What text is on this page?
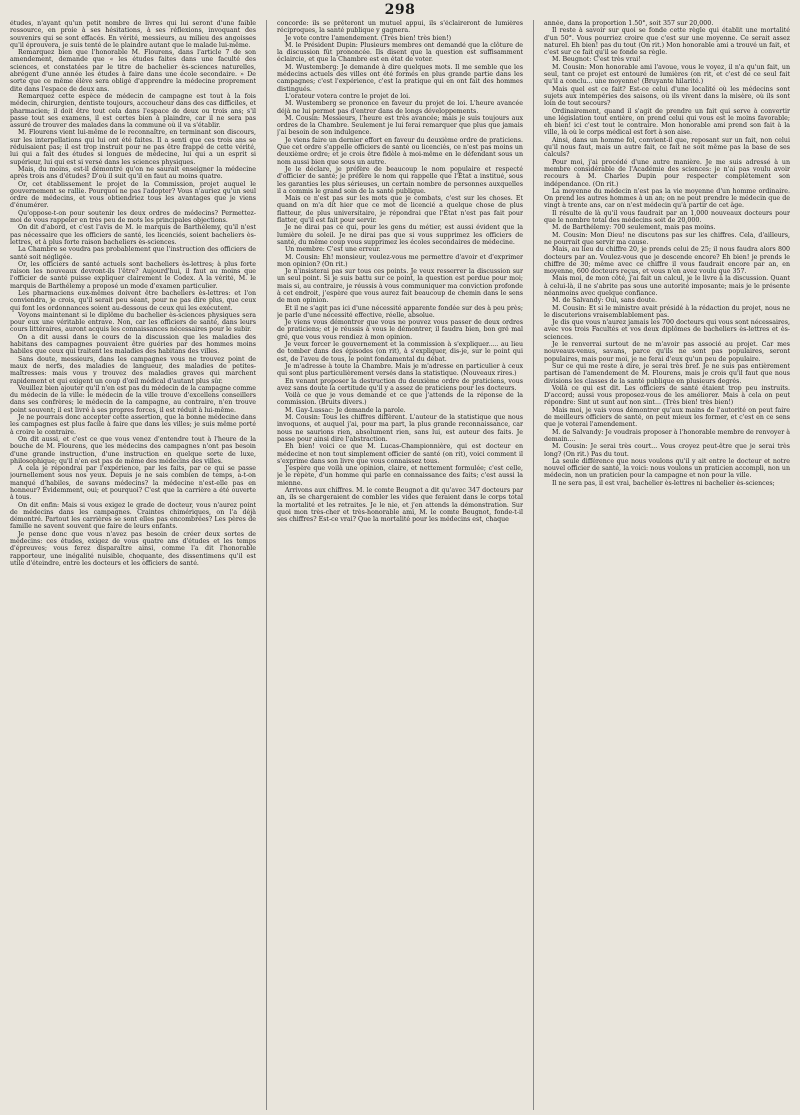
298

études, n'ayant qu'un petit nombre de livres qui lui seront d'une faible ressource, en proie à ses hésitations, à ses réflexions, invoquant des souvenirs qui se sont effacés. En vérité, messieurs, au milieu des angoisses qu'il éprouvera, je suis tenté de le plaindre autant que le malade lui-même.

Remarquez bien que l'honorable M. Flourens, dans l'article 7 de son amendement, demande que « les études faites dans une faculté des sciences, et constatées par le titre de bachelier ès-sciences naturelles, abrégent d'une année les études à faire dans une école secondaire. » De sorte que ce même élève sera obligé d'apprendre la médecine proprement dite dans l'espace de deux ans.

Remarquez cette espèce de médecin de campagne est tout à la fois médecin, chirurgien, dentiste toujours, accoucheur dans des cas difficiles, et pharmacien; il doit être tout cela dans l'espace de deux ou trois ans; s'il passe tout ses examens, il est certes bien à plaindre, car il ne sera pas assuré de trouver des malades dans la commune où il va s'établir.

M. Flourens vient lui-même de le reconnaître, en terminant son discours, sur les interpellations qui lui ont été faites. Il a senti que ces trois ans se réduisaient pas; il est trop instruit pour ne pas être frappé de cette vérité, lui qui a fait des études si longues de médecine, lui qui a un esprit si supérieur, lui qui est si versé dans les sciences physiques.

Mais, du moins, est-il démontré qu'on ne saurait enseigner la médecine après trois ans d'études? D'où il suit qu'il en faut au moins quatre.

Or, cet établissement le projet de la Commission, projet auquel le gouvernement se rallie. Pourquoi ne pas l'adopter? Vous n'auriez qu'un seul ordre de médecins, et vous obtiendriez tous les avantages que je viens d'énumérer.

Qu'oppose-t-on pour soutenir les deux ordres de médecins? Permettez-moi de vous rappeler en très peu de mots les principales objections.

On dit d'abord, et c'est l'avis de M. le marquis de Barthélemy, qu'il n'est pas nécessaire que les officiers de santé, les licenciés, soient bacheliers ès-lettres, et à plus forte raison bacheliers ès-sciences.

La Chambre se voudra pas probablement que l'instruction des officiers de santé soit négligée.

Or, les officiers de santé actuels sont bacheliers ès-lettres; à plus forte raison les nouveaux devront-ils l'être? Aujourd'hui, il faut au moins que l'officier de santé puisse expliquer clairement le Codex. A la vérité, M. le marquis de Barthélemy a proposé un mode d'examen particulier.

Les pharmaciens eux-mêmes doivent être bacheliers ès-lettres: et l'on conviendra, je crois, qu'il serait peu séant, pour ne pas dire plus, que ceux qui font les ordonnances soient au-dessous de ceux qui les exécutent.

Voyons maintenant si le diplôme du bachelier ès-sciences physiques sera pour eux une véritable entrave. Non, car les officiers de santé, dans leurs cours littéraires, auront acquis les connaissances nécessaires pour le subir.

On a dit aussi dans le cours de la discussion que les maladies des habitans des campagnes pouvaient être guéries par des hommes moins habiles que ceux qui traitent les maladies des habitans des villes.

Sans doute, messieurs, dans les campagnes vous ne trouvez point de maux de nerfs, des maladies de langueur, des maladies de petites-maîtresses: mais vous y trouvez des maladies graves qui marchent rapidement et qui exigent un coup d'œil médical d'autant plus sûr.

Veuillez bien ajouter qu'il n'en est pas du médecin de la campagne comme du médecin de la ville: le médecin de la ville trouve d'excellens conseillers dans ses confrères; le médecin de la campagne, au contraire, n'en trouve point souvent; il est livré à ses propres forces, il est réduit à lui-même.

Je ne pourrais donc accepter cette assertion, que la bonne médecine dans les campagnes est plus facile à faire que dans les villes; je suis même porté à croire le contraire.

On dit aussi, et c'est ce que vous venez d'entendre tout à l'heure de la bouche de M. Flourens, que les médecins des campagnes n'ont pas besoin d'une grande instruction, d'une instruction en quelque sorte de luxe, philosophique; qu'il n'en est pas de même des médecins des villes.

A cela je répondrai par l'expérience, par les faits, par ce qui se passe journellement sous nos yeux. Depuis je ne sais combien de temps, a-t-on manqué d'habiles, de savans médecins? la médecine n'est-elle pas en honneur? Évidemment, oui; et pourquoi? C'est que la carrière a été ouverte à tous.

On dit enfin: Mais si vous exigez le grade de docteur, vous n'aurez point de médecins dans les campagnes. Craintes chimériques, on l'a déjà démontré. Partout les carrières se sont elles pas encombrées? Les pères de famille ne savent souvent que faire de leurs enfants.

Je pense donc que vous n'avez pas besoin de créer deux sortes de médecins: ces études, exigez de vous quatre ans d'études et les temps d'épreuves; vous ferez disparaître ainsi, comme l'a dit l'honorable rapporteur, une inégalité nuisible, choquante, des dissentimens qu'il est utile d'éteindre, entre les docteurs et les officiers de santé.

concorde: ils se prêteront un mutuel appui, ils s'éclaireront de lumières réciproques, la santé publique y gagnera.

Je vote contre l'amendement. (Très bien! très bien!)

M. le Président Dupin: Plusieurs membres ont demandé que la clôture de la discussion fût prononcée. Ils disent que la question est suffisamment éclaircie, et que la Chambre est en état de voter.

M. Wustemberg: Je demande à dire quelques mots. Il me semble que les médecins actuels des villes ont été formés en plus grande partie dans les campagnes; c'est l'expérience, c'est la pratique qui en ont fait des hommes distingués.

L'orateur votera contre le projet de loi.

M. Wustemberg se prononce en faveur du projet de loi. L'heure avancée déjà ne lui permet pas d'entrer dans de longs développements.

M. Cousin: Messieurs, l'heure est très avancée; mais je suis toujours aux ordres de la Chambre. Seulement je lui ferai remarquer que plus que jamais j'ai besoin de son indulgence.

Je viens faire un dernier effort en faveur du deuxième ordre de praticiens. Que cet ordre s'appelle officiers de santé ou licenciés, ce n'est pas moins un deuxième ordre; et je crois être fidèle à moi-même en le défendant sous un nom aussi bien que sous un autre.

Je le déclare, je préfère de beaucoup le nom populaire et respecté d'officier de santé; je préfère le nom qui rappelle que l'État a institué, sous les garanties les plus sérieuses, un certain nombre de personnes auxquelles il a commis le grand soin de la santé publique.

Mais ce n'est pas sur les mots que je combats, c'est sur les choses. Et quand on m'a dit hier que ce mot de licencié a quelque chose de plus flatteur, de plus universitaire, je répondrai que l'État n'est pas fait pour flatter, qu'il est fait pour servir.

Je ne dirai pas ce qui, pour les gens du métier, est aussi évident que la lumière du soleil. Je ne dirai pas que si vous supprimez les officiers de santé, du même coup vous supprimez les écoles secondaires de médecine.

Un membre: C'est une erreur.

M. Cousin: Eh! monsieur, voulez-vous me permettre d'avoir et d'exprimer mon opinion? (On rit.)

Je n'insisterai pas sur tous ces points. Je veux resserrer la discussion sur un seul point. Si je suis battu sur ce point, la question est perdue pour moi; mais si, au contraire, je réussis à vous communiquer ma conviction profonde à cet endroit, j'espère que vous aurez fait beaucoup de chemin dans le sens de mon opinion.

Et il ne s'agit pas ici d'une nécessité apparente fondée sur des à peu près; je parle d'une nécessité effective, réelle, absolue.

Je viens vous démontrer que vous ne pouvez vous passer de deux ordres de praticiens; et je réussis à vous le démontrer, il faudra bien, bon gré mal gré, que vous vous rendiez à mon opinion.

Je veux forcer le gouvernement et la commission à s'expliquer..... au lieu de tomber dans des épisodes (on rit), à s'expliquer, dis-je, sur le point qui est, de l'aveu de tous, le point fondamental du débat.

Je m'adresse à toute la Chambre. Mais je m'adresse en particulier à ceux qui sont plus particulièrement versés dans la statistique. (Nouveaux rires.)

En venant proposer la destruction du deuxième ordre de praticiens, vous avez sans doute la certitude qu'il y a assez de praticiens pour les docteurs.

Voilà ce que je vous demande et ce que j'attends de la réponse de la commission. (Bruits divers.)

M. Gay-Lussac: Je demande la parole.

M. Cousin: Tous les chiffres diffèrent. L'auteur de la statistique que nous invoquons, et auquel j'ai, pour ma part, la plus grande reconnaissance, car nous ne saurions rien, absolument rien, sans lui, est auteur des faits. Je passe pour ainsi dire l'abstraction.

Eh bien! voici ce que M. Lucas-Championnière, qui est docteur en médecine et non tout simplement officier de santé (on rit), voici comment il s'exprime dans son livre que vous connaissez tous.

J'espère que voilà une opinion, claire, et nettement formulée; c'est celle, je le répète, d'un homme qui parle en connaissance des faits; c'est aussi la mienne.

Arrivons aux chiffres. M. le comte Beugnot a dit qu'avec 347 docteurs par an, ils se chargeraient de combler les vides que feraient dans le corps total la mortalité et les retraites. Je le nie, et j'en attends la démonstration. Sur quoi mon très-cher et très-honorable ami, M. le comte Beugnot, fonde-t-il ses chiffres? Est-ce vrai? Que la mortalité pour les médecins est, chaque

année, dans la proportion 1.50°, soit 357 sur 20,000.

Il reste à savoir sur quoi se fonde cette règle qui établit une mortalité d'un 50°. Vous pourriez croire que c'est sur une moyenne. Ce serait assez naturel. Eh bien! pas du tout (On rit.) Mon honorable ami a trouvé un fait, et c'est sur ce fait qu'il se fonde sa règle.

M. Beugnot: C'est très vrai!

M. Cousin: Mon honorable ami l'avoue, vous le voyez, il n'a qu'un fait, un seul, tant ce projet est entouré de lumières (on rit, et c'est de ce seul fait qu'il a conclu... une moyenne! (Bruyante hilarité.)

Mais quel est ce fait? Est-ce celui d'une localité où les médecins sont sujets aux intempéries des saisons, où ils vivent dans la misère, où ils sont loin de tout secours?

Ordinairement, quand il s'agit de prendre un fait qui serve à convertir une législation tout entière, on prend celui qui vous est le moins favorable; eh bien! ici c'est tout le contraire. Mon honorable ami prend son fait à la ville, là où le corps médical est fort à son aise.

Ainsi, dans un homme fol, convient-il que, reposant sur un fait, non celui qu'il nous faut, mais un autre fait, ce fait ne soit même pas la base de ses calculs?

Pour moi, j'ai procédé d'une autre manière. Je me suis adressé à un membre considérable de l'Académie des sciences: je n'ai pas voulu avoir recours à M. Charles Dupin pour respecter complètement son indépendance. (On rit.)

La moyenne du médecin n'est pas la vie moyenne d'un homme ordinaire. On prend les autres hommes à un an; on ne peut prendre le médecin que de vingt à trente ans, car on n'est médecin qu'à partir de cet âge.

Il résulte de là qu'il vous faudrait par an 1,000 nouveaux docteurs pour que le nombre total des médecins soit de 20,000.

M. de Barthélemy: 700 seulement, mais pas moins.

M. Cousin: Mon Dieu! ne discutons pas sur les chiffres. Cela, d'ailleurs, ne pourrait que servir ma cause.

Mais, au lieu du chiffre 20, je prends celui de 25; il nous faudra alors 800 docteurs par an. Voulez-vous que je descende encore? Eh bien! je prends le chiffre de 30; même avec ce chiffre il vous faudrait encore par an, en moyenne, 600 docteurs reçus, et vous n'en avez voulu que 357.

Mais moi, de mon côté, j'ai fait un calcul, je le livre à la discussion. Quant à celui-là, il ne s'abrite pas sous une autorité imposante; mais je le présente néanmoins avec quelque confiance.

M. de Salvandy: Oui, sans doute.

M. Cousin: Et si le ministre avait présidé à la rédaction du projet, nous ne le discuterions vraisemblablement pas.

Je dis que vous n'aurez jamais les 700 docteurs qui vous sont nécessaires, avec vos trois Facultés et vos deux diplômes de bacheliers ès-lettres et ès-sciences.

Je le renverrai surtout de ne m'avoir pas associé au projet. Car mes nouveaux-venus, savans, parce qu'ils ne sont pas populaires, seront populaires, mais pour moi, je ne ferai d'eux qu'un peu de populaire.

Sur ce qui me reste à dire, je serai très bref. Je ne suis pas entièrement partisan de l'amendement de M. Flourens, mais je crois qu'il faut que nous divisions les classes de la santé publique en plusieurs degrés.

Voilà ce qui est dit. Les officiers de santé étaient trop peu instruits. D'accord; aussi vous proposez-vous de les améliorer. Mais à cela on peut répondre: Sint ut sunt aut non sint... (Très bien! très bien!)

Mais moi, je vais vous démontrer qu'aux mains de l'autorité on peut faire de meilleurs officiers de santé, on peut mieux les former, et c'est en ce sens que je voterai l'amendement.

M. de Salvandy: Je voudrais proposer à l'honorable membre de renvoyer à demain....

M. Cousin: Je serai très court... Vous croyez peut-être que je serai très long? (On rit.) Pas du tout.

La seule différence que nous voulons qu'il y ait entre le docteur et notre nouvel officier de santé, la voici: nous voulons un praticien accompli, non un médecin, non un praticien pour la campagne et non pour la ville.

Il ne sera pas, il est vrai, bachelier ès-lettres ni bachelier ès-sciences;
